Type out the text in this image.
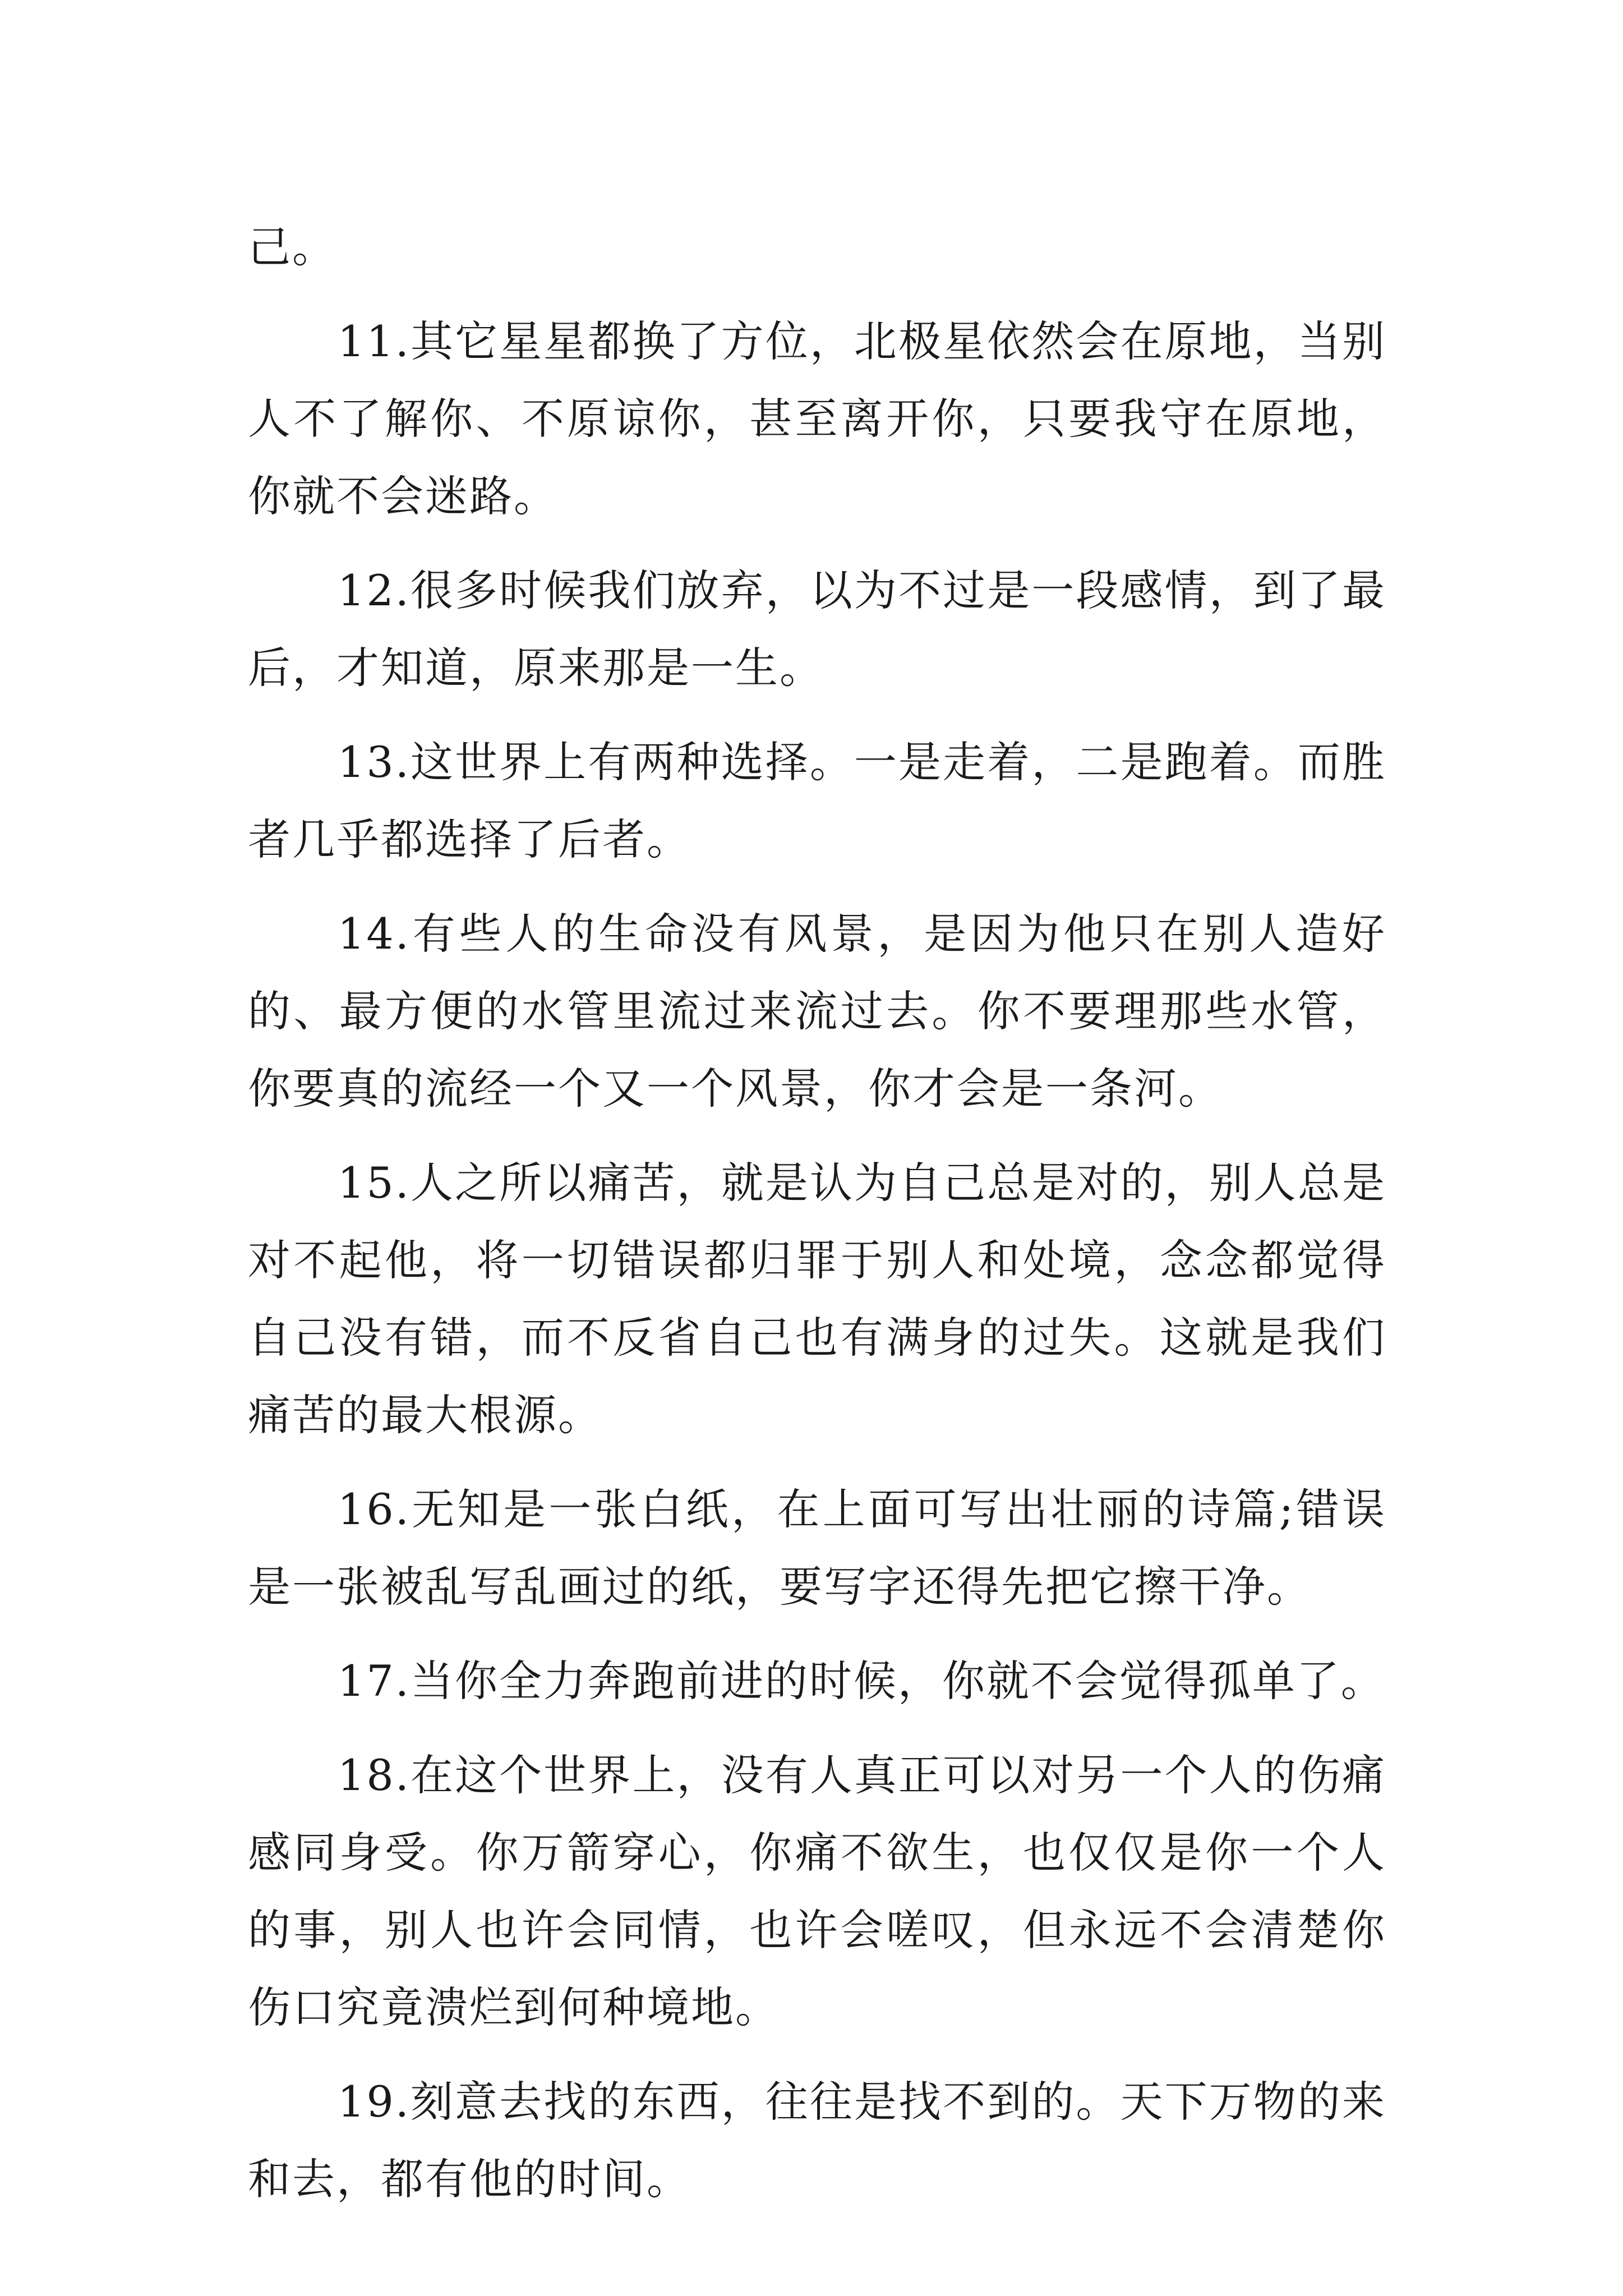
己。

11.其它星星都换了方位，北极星依然会在原地，当别人不了解你、不原谅你，甚至离开你，只要我守在原地，你就不会迷路。

12.很多时候我们放弃，以为不过是一段感情，到了最后，才知道，原来那是一生。

13.这世界上有两种选择。一是走着，二是跑着。而胜者几乎都选择了后者。

14.有些人的生命没有风景，是因为他只在别人造好的、最方便的水管里流过来流过去。你不要理那些水管，你要真的流经一个又一个风景，你才会是一条河。

15.人之所以痛苦，就是认为自己总是对的，别人总是对不起他，将一切错误都归罪于别人和处境，念念都觉得自己没有错，而不反省自己也有满身的过失。这就是我们痛苦的最大根源。

16.无知是一张白纸，在上面可写出壮丽的诗篇;错误是一张被乱写乱画过的纸，要写字还得先把它擦干净。

17.当你全力奔跑前进的时候，你就不会觉得孤单了。

18.在这个世界上，没有人真正可以对另一个人的伤痛感同身受。你万箭穿心，你痛不欲生，也仅仅是你一个人的事，别人也许会同情，也许会嗟叹，但永远不会清楚你伤口究竟溃烂到何种境地。

19.刻意去找的东西，往往是找不到的。天下万物的来和去，都有他的时间。
